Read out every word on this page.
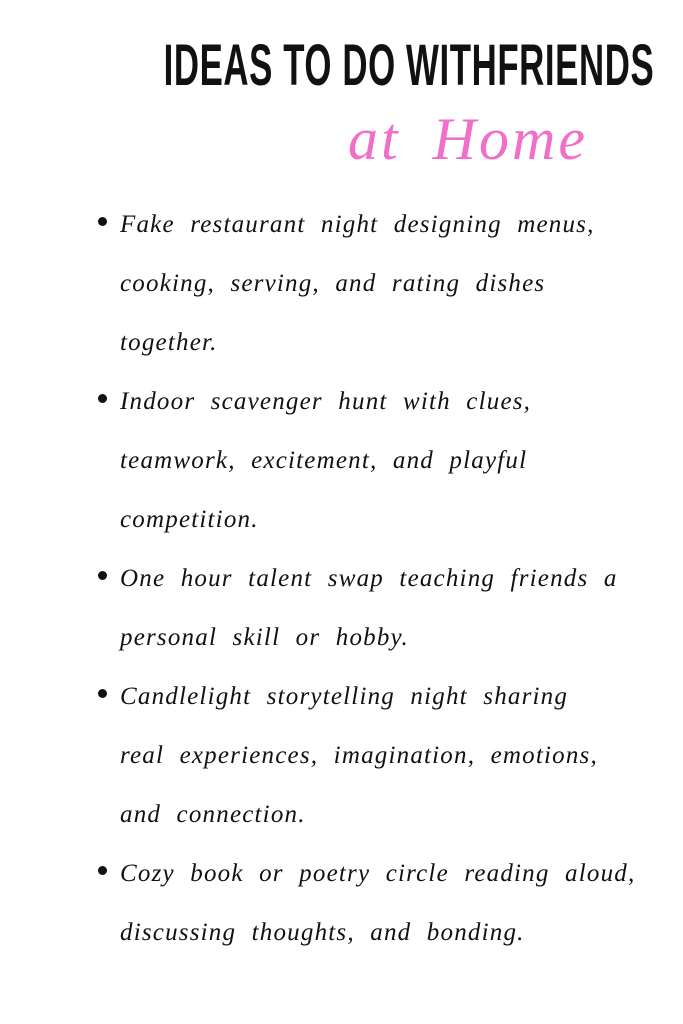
IDEAS TO DO WITHFRIENDS
at Home
Fake restaurant night designing menus,
cooking, serving, and rating dishes
together.
Indoor scavenger hunt with clues,
teamwork, excitement, and playful
competition.
One hour talent swap teaching friends a
personal skill or hobby.
Candlelight storytelling night sharing
real experiences, imagination, emotions,
and connection.
Cozy book or poetry circle reading aloud,
discussing thoughts, and bonding.
